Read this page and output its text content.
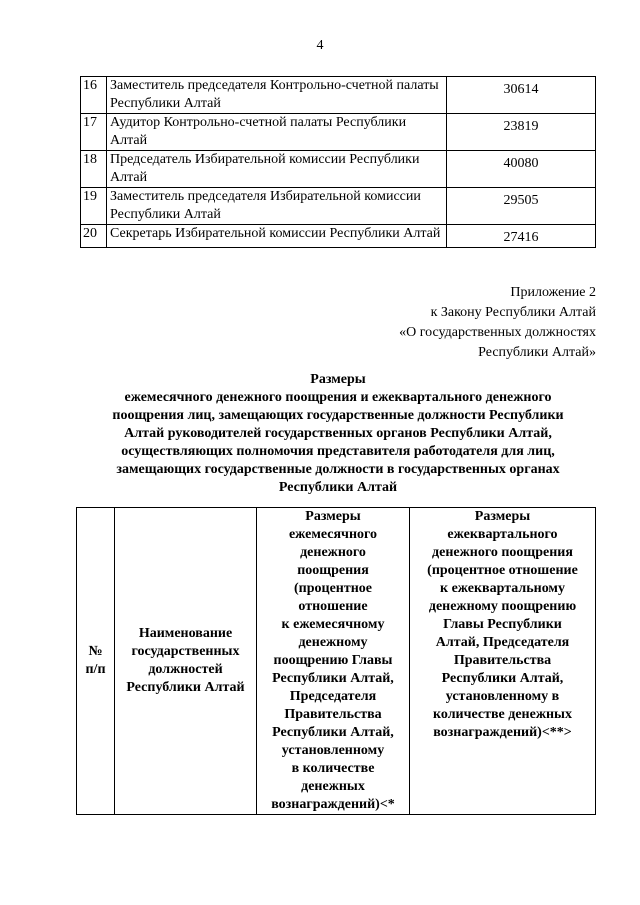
4
16	Заместитель председателя Контрольно-счетной палаты Республики Алтай	30614
17	Аудитор Контрольно-счетной палаты Республики Алтай	23819
18	Председатель Избирательной комиссии Республики Алтай	40080
19	Заместитель председателя Избирательной комиссии Республики Алтай	29505
20	Секретарь Избирательной комиссии Республики Алтай	27416
Приложение 2
к Закону Республики Алтай
«О государственных должностях
Республики Алтай»
Размеры
ежемесячного денежного поощрения и ежеквартального денежного
поощрения лиц, замещающих государственные должности Республики
Алтай руководителей государственных органов Республики Алтай,
осуществляющих полномочия представителя работодателя для лиц,
замещающих государственные должности в государственных органах
Республики Алтай
№
п/п

Наименование
государственных
должностей
Республики Алтай

Размеры
ежемесячного
денежного
поощрения
(процентное
отношение
к ежемесячному
денежному
поощрению Главы
Республики Алтай,
Председателя
Правительства
Республики Алтай,
установленному
в количестве
денежных
вознаграждений)<*

Размеры
ежеквартального
денежного поощрения
(процентное отношение
к ежеквартальному
денежному поощрению
Главы Республики
Алтай, Председателя
Правительства
Республики Алтай,
установленному в
количестве денежных
вознаграждений)<**>
